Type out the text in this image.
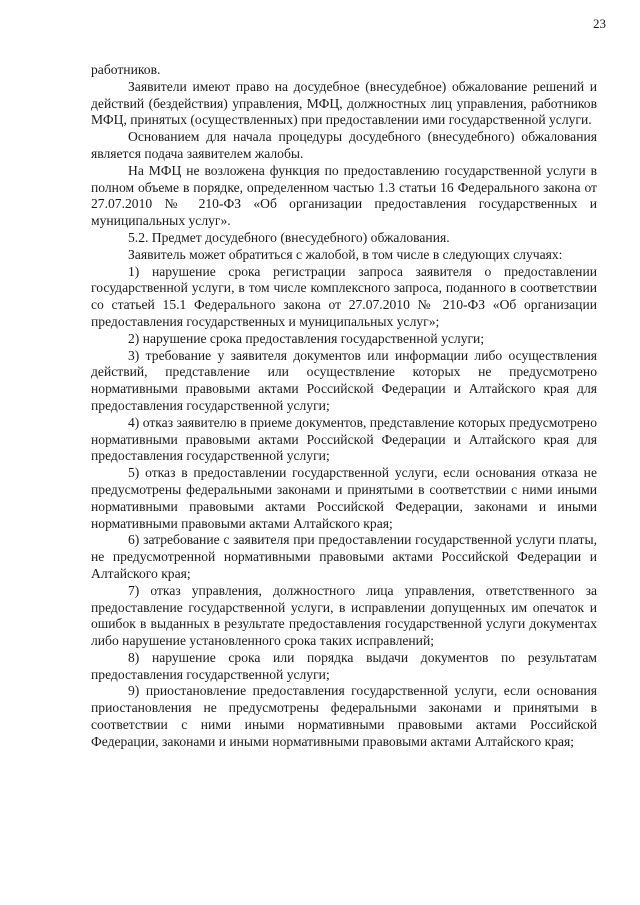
23

работников.

Заявители имеют право на досудебное (внесудебное) обжалование решений и действий (бездействия) управления, МФЦ, должностных лиц управления, работников МФЦ, принятых (осуществленных) при предоставлении ими государственной услуги.

Основанием для начала процедуры досудебного (внесудебного) обжалования является подача заявителем жалобы.

На МФЦ не возложена функция по предоставлению государственной услуги в полном объеме в порядке, определенном частью 1.3 статьи 16 Федерального закона от 27.07.2010 № 210-ФЗ «Об организации предоставления государственных и муниципальных услуг».

5.2. Предмет досудебного (внесудебного) обжалования.

Заявитель может обратиться с жалобой, в том числе в следующих случаях:

1) нарушение срока регистрации запроса заявителя о предоставлении государственной услуги, в том числе комплексного запроса, поданного в соответствии со статьей 15.1 Федерального закона от 27.07.2010 № 210-ФЗ «Об организации предоставления государственных и муниципальных услуг»;

2) нарушение срока предоставления государственной услуги;

3) требование у заявителя документов или информации либо осуществления действий, представление или осуществление которых не предусмотрено нормативными правовыми актами Российской Федерации и Алтайского края для предоставления государственной услуги;

4) отказ заявителю в приеме документов, представление которых предусмотрено нормативными правовыми актами Российской Федерации и Алтайского края для предоставления государственной услуги;

5) отказ в предоставлении государственной услуги, если основания отказа не предусмотрены федеральными законами и принятыми в соответствии с ними иными нормативными правовыми актами Российской Федерации, законами и иными нормативными правовыми актами Алтайского края;

6) затребование с заявителя при предоставлении государственной услуги платы, не предусмотренной нормативными правовыми актами Российской Федерации и Алтайского края;

7) отказ управления, должностного лица управления, ответственного за предоставление государственной услуги, в исправлении допущенных им опечаток и ошибок в выданных в результате предоставления государственной услуги документах либо нарушение установленного срока таких исправлений;

8) нарушение срока или порядка выдачи документов по результатам предоставления государственной услуги;

9) приостановление предоставления государственной услуги, если основания приостановления не предусмотрены федеральными законами и принятыми в соответствии с ними иными нормативными правовыми актами Российской Федерации, законами и иными нормативными правовыми актами Алтайского края;
